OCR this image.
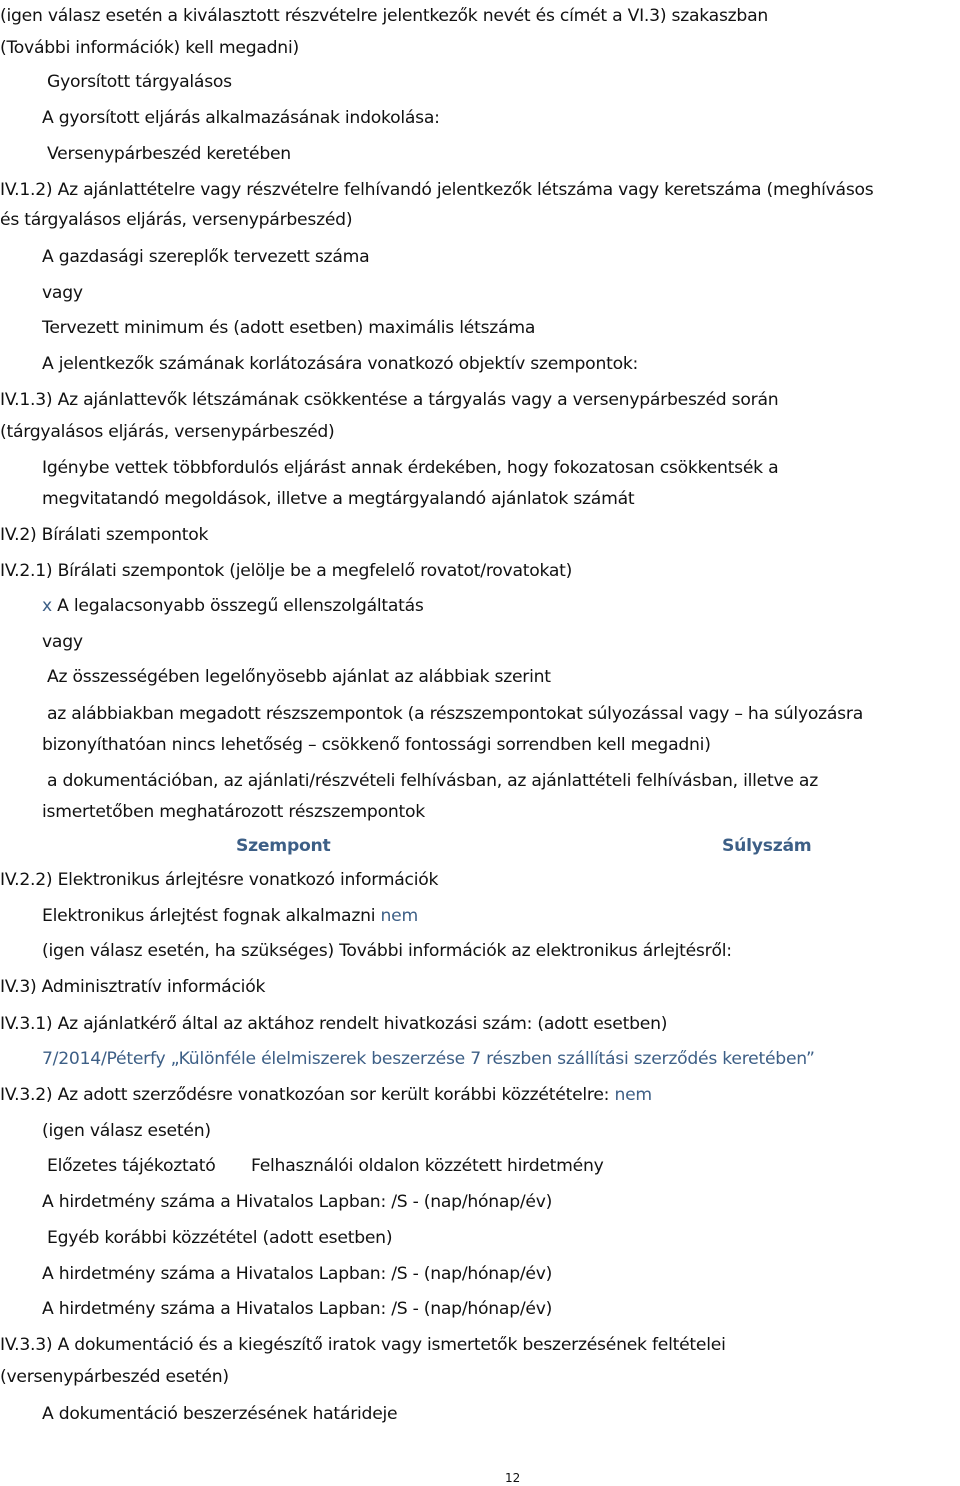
(igen válasz esetén a kiválasztott részvételre jelentkezők nevét és címét a VI.3) szakaszban
(További információk) kell megadni)
Gyorsított tárgyalásos
A gyorsított eljárás alkalmazásának indokolása:
Versenypárbeszéd keretében
IV.1.2) Az ajánlattételre vagy részvételre felhívandó jelentkezők létszáma vagy keretszáma (meghívásos
és tárgyalásos eljárás, versenypárbeszéd)
A gazdasági szereplők tervezett száma
vagy
Tervezett minimum és (adott esetben) maximális létszáma
A jelentkezők számának korlátozására vonatkozó objektív szempontok:
IV.1.3) Az ajánlattevők létszámának csökkentése a tárgyalás vagy a versenypárbeszéd során
(tárgyalásos eljárás, versenypárbeszéd)
Igénybe vettek többfordulós eljárást annak érdekében, hogy fokozatosan csökkentsék a
megvitatandó megoldások, illetve a megtárgyalandó ajánlatok számát
IV.2) Bírálati szempontok
IV.2.1) Bírálati szempontok (jelölje be a megfelelő rovatot/rovatokat)
x A legalacsonyabb összegű ellenszolgáltatás
vagy
Az összességében legelőnyösebb ajánlat az alábbiak szerint
az alábbiakban megadott részszempontok (a részszempontokat súlyozással vagy – ha súlyozásra
bizonyíthatóan nincs lehetőség – csökkenő fontossági sorrendben kell megadni)
a dokumentációban, az ajánlati/részvételi felhívásban, az ajánlattételi felhívásban, illetve az
ismertetőben meghatározott részszempontok
Szempont	Súlyszám
IV.2.2) Elektronikus árlejtésre vonatkozó információk
Elektronikus árlejtést fognak alkalmazni nem
(igen válasz esetén, ha szükséges) További információk az elektronikus árlejtésről:
IV.3) Adminisztratív információk
IV.3.1) Az ajánlatkérő által az aktához rendelt hivatkozási szám: (adott esetben)
7/2014/Péterfy „Különféle élelmiszerek beszerzése 7 részben szállítási szerződés keretében”
IV.3.2) Az adott szerződésre vonatkozóan sor került korábbi közzétételre: nem
(igen válasz esetén)
Előzetes tájékoztató Felhasználói oldalon közzétett hirdetmény
A hirdetmény száma a Hivatalos Lapban: /S - (nap/hónap/év)
Egyéb korábbi közzététel (adott esetben)
A hirdetmény száma a Hivatalos Lapban: /S - (nap/hónap/év)
A hirdetmény száma a Hivatalos Lapban: /S - (nap/hónap/év)
IV.3.3) A dokumentáció és a kiegészítő iratok vagy ismertetők beszerzésének feltételei
(versenypárbeszéd esetén)
A dokumentáció beszerzésének határideje
12
